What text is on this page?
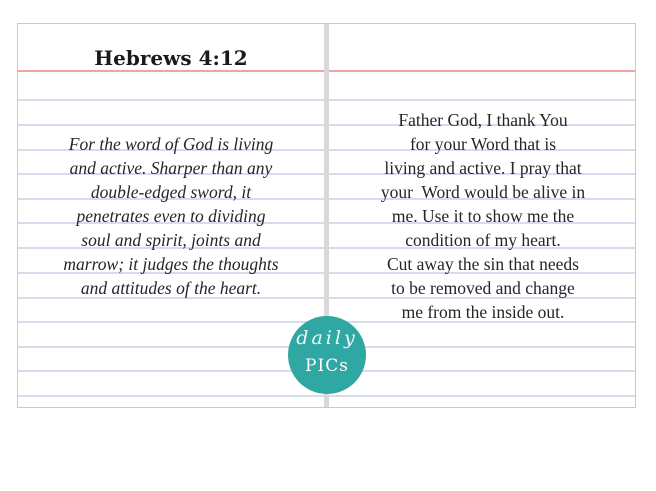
Hebrews 4:12

For the word of God is living
and active. Sharper than any
double-edged sword, it
penetrates even to dividing
soul and spirit, joints and
marrow; it judges the thoughts
and attitudes of the heart.

Father God, I thank You
for your Word that is
living and active. I pray that
your  Word would be alive in
me. Use it to show me the
condition of my heart.
Cut away the sin that needs
to be removed and change
me from the inside out.

daily
PICs
